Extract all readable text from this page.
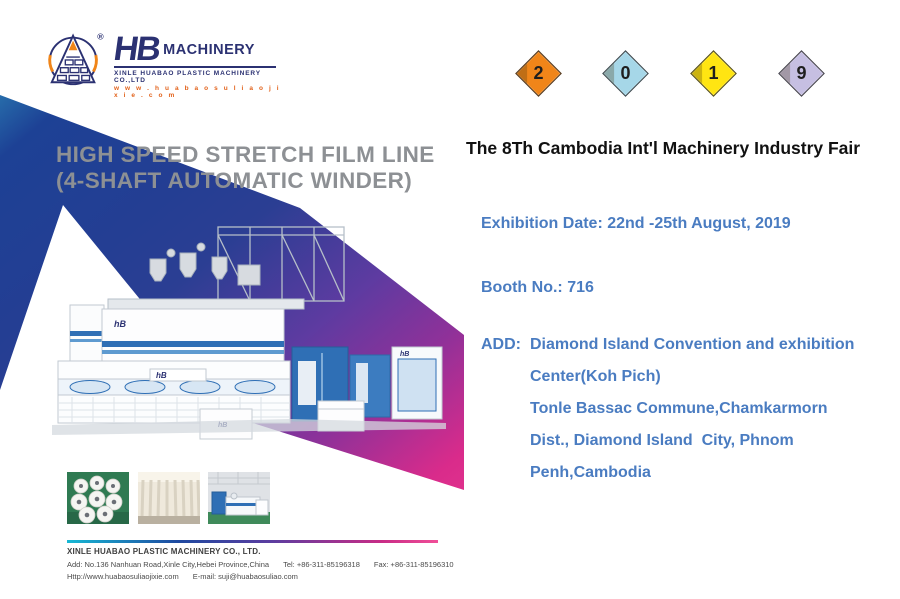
® HBMACHINERY
XINLE HUABAO PLASTIC MACHINERY CO.,LTD
w w w . h u a b a o s u l i a o j i x i e . c o m
2	0	1	9
HIGH SPEED STRETCH FILM LINE
(4-SHAFT AUTOMATIC WINDER)
hB
hB
hB
XINLE HUABAO PLASTIC MACHINERY CO., LTD.
Add: No.136 Nanhuan Road,Xinle City,Hebei Province,China Tel: +86-311-85196318 Fax: +86-311-85196310
Http://www.huabaosuliaojixie.com E-mail: suji@huabaosuliao.com
The 8Th Cambodia Int'l Machinery Industry Fair
Exhibition Date: 22nd -25th August, 2019
Booth No.: 716
ADD: Diamond Island Convention and exhibition
Center(Koh Pich)
Tonle Bassac Commune,Chamkarmorn
Dist., Diamond Island  City, Phnom
Penh,Cambodia
